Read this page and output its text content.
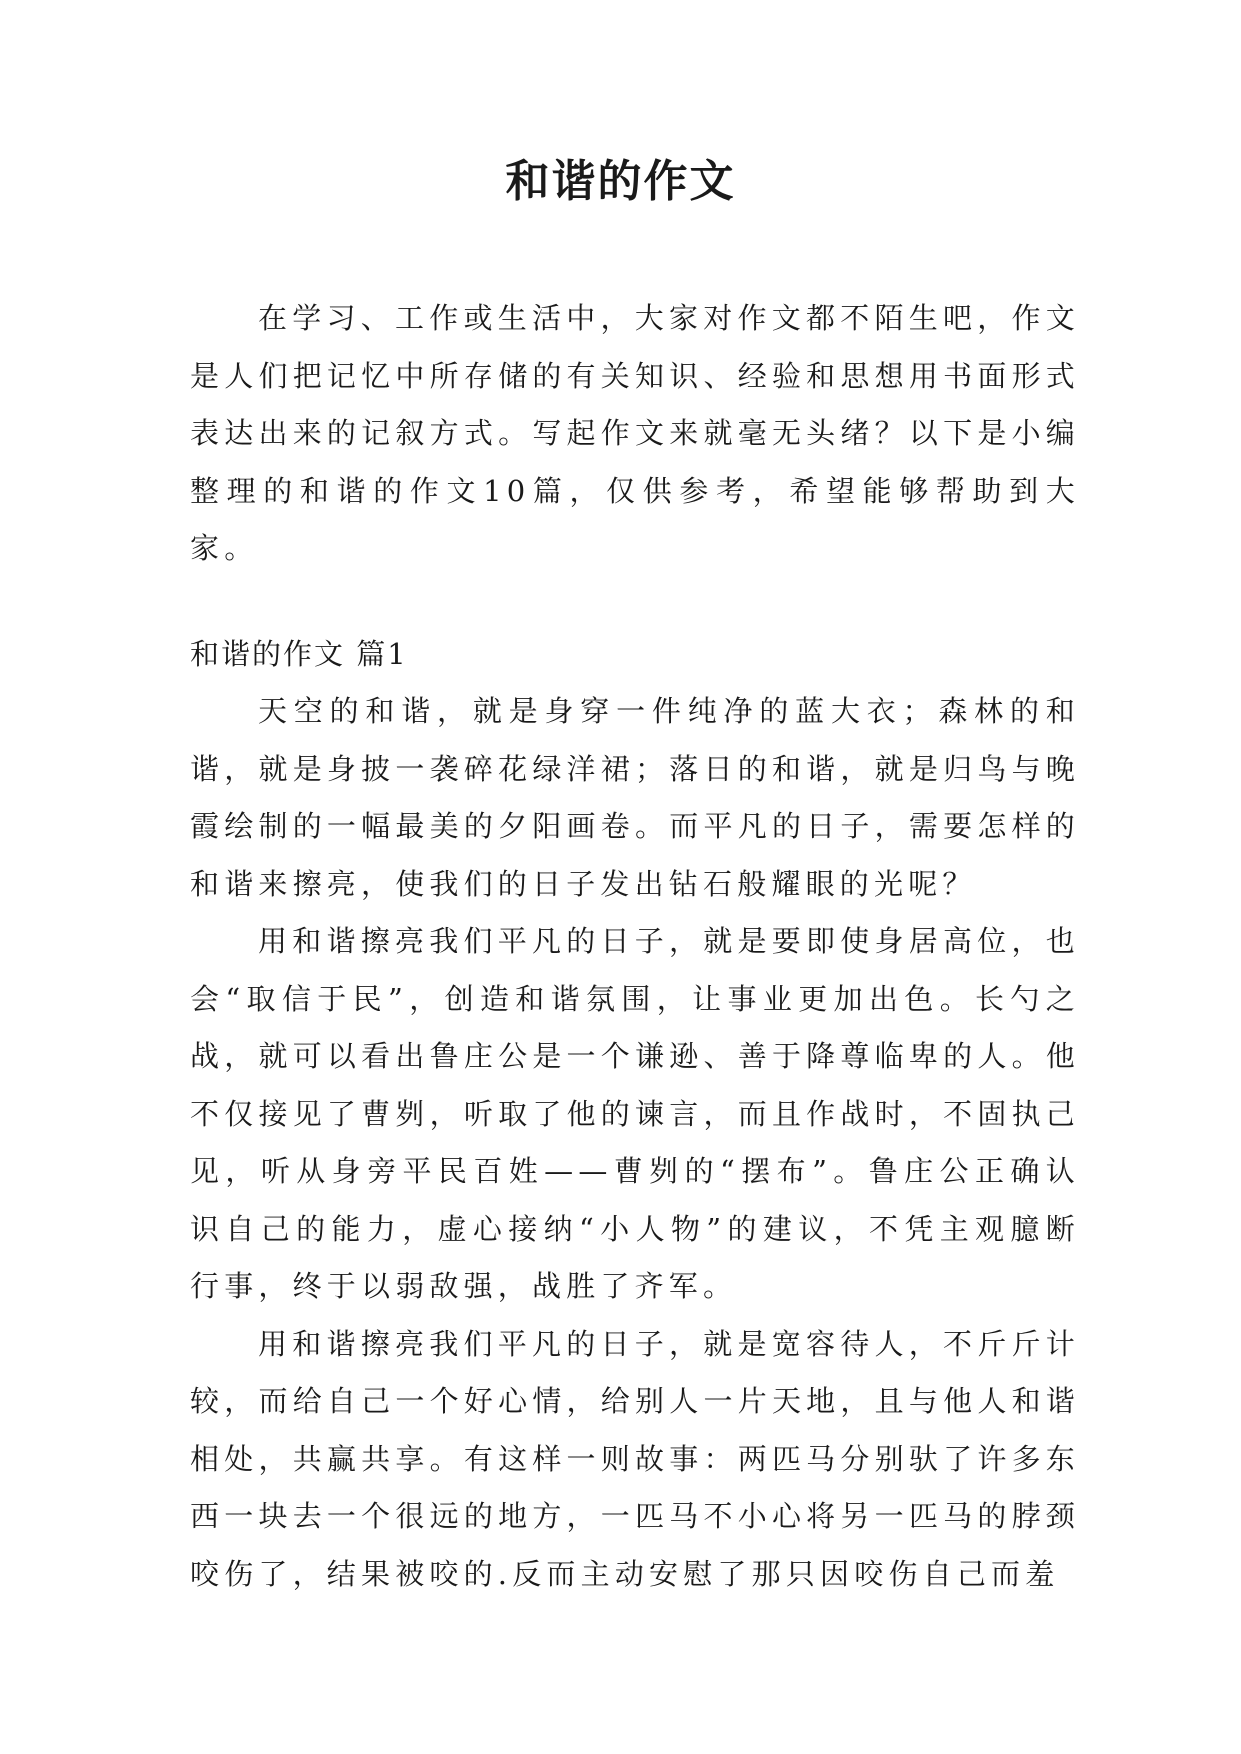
和谐的作文

在学习、工作或生活中，大家对作文都不陌生吧，作文是人们把记忆中所存储的有关知识、经验和思想用书面形式表达出来的记叙方式。写起作文来就毫无头绪？以下是小编整理的和谐的作文10篇，仅供参考，希望能够帮助到大家。

和谐的作文 篇1

天空的和谐，就是身穿一件纯净的蓝大衣；森林的和谐，就是身披一袭碎花绿洋裙；落日的和谐，就是归鸟与晚霞绘制的一幅最美的夕阳画卷。而平凡的日子，需要怎样的和谐来擦亮，使我们的日子发出钻石般耀眼的光呢？

用和谐擦亮我们平凡的日子，就是要即使身居高位，也会“取信于民”，创造和谐氛围，让事业更加出色。长勺之战，就可以看出鲁庄公是一个谦逊、善于降尊临卑的人。他不仅接见了曹刿，听取了他的谏言，而且作战时，不固执己见，听从身旁平民百姓——曹刿的“摆布”。鲁庄公正确认识自己的能力，虚心接纳“小人物”的建议，不凭主观臆断行事，终于以弱敌强，战胜了齐军。

用和谐擦亮我们平凡的日子，就是宽容待人，不斤斤计较，而给自己一个好心情，给别人一片天地，且与他人和谐相处，共赢共享。有这样一则故事：两匹马分别驮了许多东西一块去一个很远的地方，一匹马不小心将另一匹马的脖颈咬伤了，结果被咬的.反而主动安慰了那只因咬伤自己而羞
